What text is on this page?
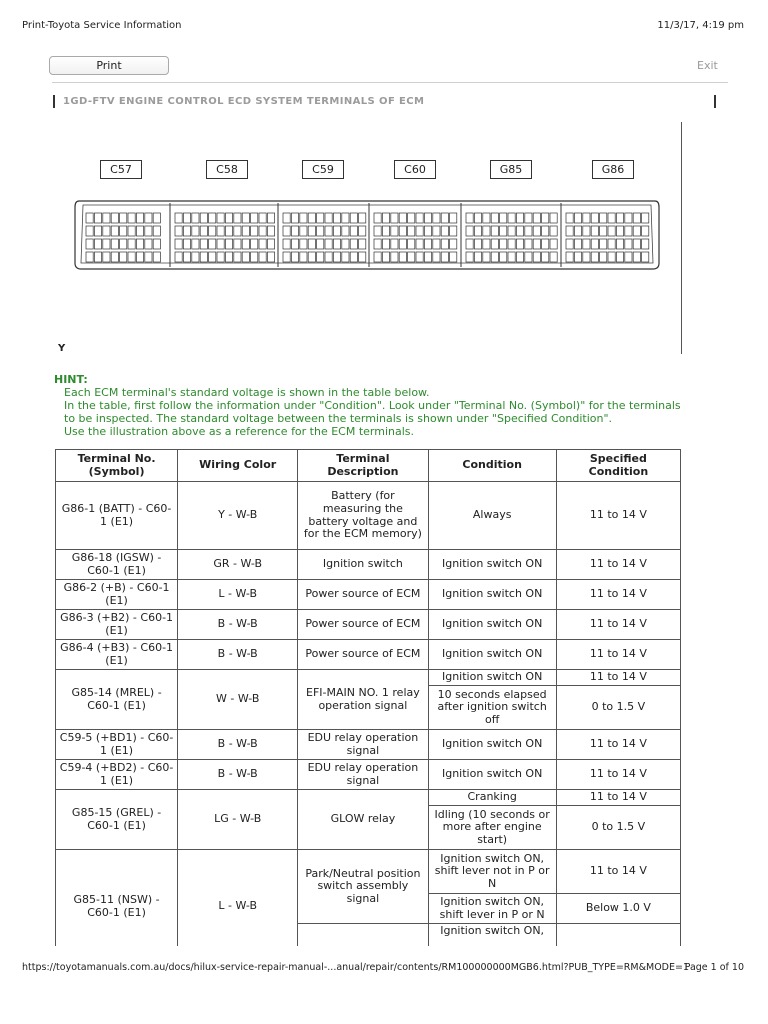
Print-Toyota Service Information	11/3/17, 4:19 pm
Print	Exit
1GD-FTV ENGINE CONTROL ECD SYSTEM TERMINALS OF ECM
C57	C58	C59	C60	G85	G86
Y
HINT:
Each ECM terminal's standard voltage is shown in the table below.
In the table, first follow the information under "Condition". Look under "Terminal No. (Symbol)" for the terminals
to be inspected. The standard voltage between the terminals is shown under "Specified Condition".
Use the illustration above as a reference for the ECM terminals.
Terminal No. (Symbol)	Wiring Color	Terminal Description	Condition	Specified Condition
G86-1 (BATT) - C60-1 (E1)	Y - W-B	Battery (for measuring the battery voltage and for the ECM memory)	Always	11 to 14 V
G86-18 (IGSW) - C60-1 (E1)	GR - W-B	Ignition switch	Ignition switch ON	11 to 14 V
G86-2 (+B) - C60-1 (E1)	L - W-B	Power source of ECM	Ignition switch ON	11 to 14 V
G86-3 (+B2) - C60-1 (E1)	B - W-B	Power source of ECM	Ignition switch ON	11 to 14 V
G86-4 (+B3) - C60-1 (E1)	B - W-B	Power source of ECM	Ignition switch ON	11 to 14 V
G85-14 (MREL) - C60-1 (E1)	W - W-B	EFI-MAIN NO. 1 relay operation signal	Ignition switch ON	11 to 14 V
			10 seconds elapsed after ignition switch off	0 to 1.5 V
C59-5 (+BD1) - C60-1 (E1)	B - W-B	EDU relay operation signal	Ignition switch ON	11 to 14 V
C59-4 (+BD2) - C60-1 (E1)	B - W-B	EDU relay operation signal	Ignition switch ON	11 to 14 V
G85-15 (GREL) - C60-1 (E1)	LG - W-B	GLOW relay	Cranking	11 to 14 V
			Idling (10 seconds or more after engine start)	0 to 1.5 V
G85-11 (NSW) - C60-1 (E1)	L - W-B	Park/Neutral position switch assembly signal	Ignition switch ON, shift lever not in P or N	11 to 14 V
			Ignition switch ON, shift lever in P or N	Below 1.0 V
			Ignition switch ON,	
https://toyotamanuals.com.au/docs/hilux-service-repair-manual-...anual/repair/contents/RM100000000MGB6.html?PUB_TYPE=RM&MODE=1
Page 1 of 10
